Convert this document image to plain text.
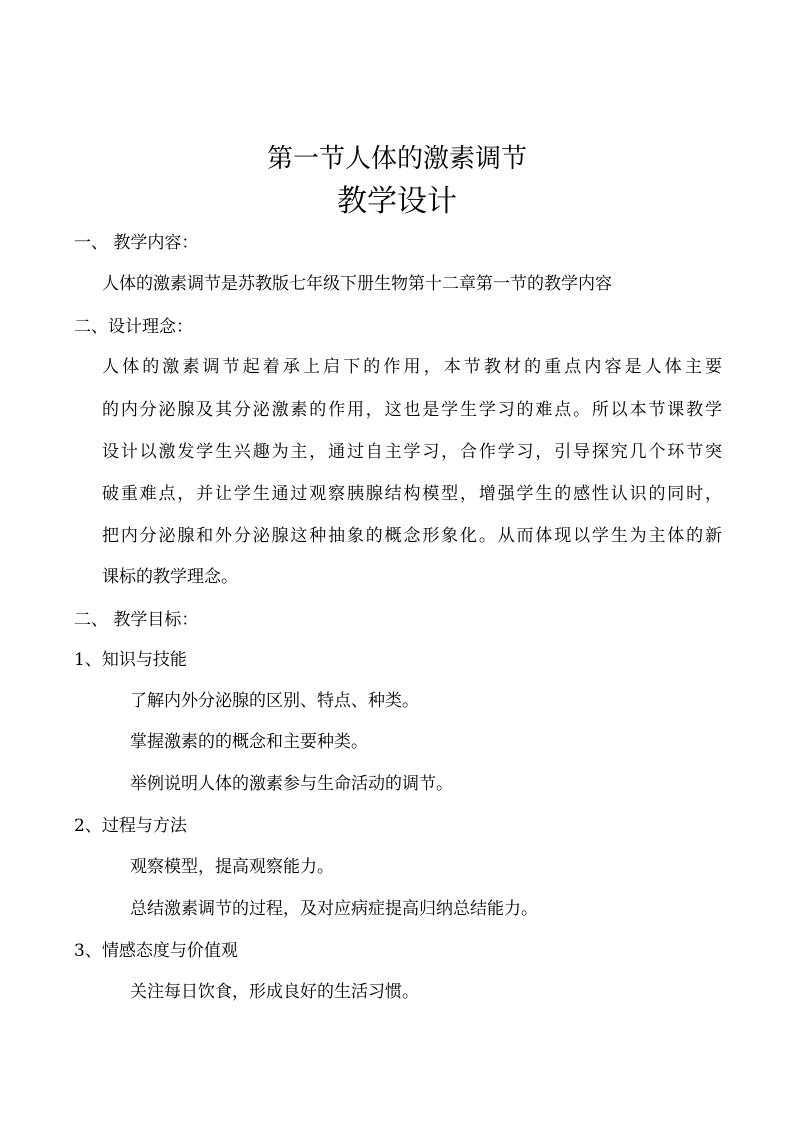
第一节人体的激素调节
教学设计
一、 教学内容：
人体的激素调节是苏教版七年级下册生物第十二章第一节的教学内容
二、设计理念：
人体的激素调节起着承上启下的作用，本节教材的重点内容是人体主要
的内分泌腺及其分泌激素的作用，这也是学生学习的难点。所以本节课教学
设计以激发学生兴趣为主，通过自主学习，合作学习，引导探究几个环节突
破重难点，并让学生通过观察胰腺结构模型，增强学生的感性认识的同时，
把内分泌腺和外分泌腺这种抽象的概念形象化。从而体现以学生为主体的新
课标的教学理念。
二、 教学目标：
1、知识与技能
了解内外分泌腺的区别、特点、种类。
掌握激素的的概念和主要种类。
举例说明人体的激素参与生命活动的调节。
2、过程与方法
观察模型，提高观察能力。
总结激素调节的过程，及对应病症提高归纳总结能力。
3、情感态度与价值观
关注每日饮食，形成良好的生活习惯。
